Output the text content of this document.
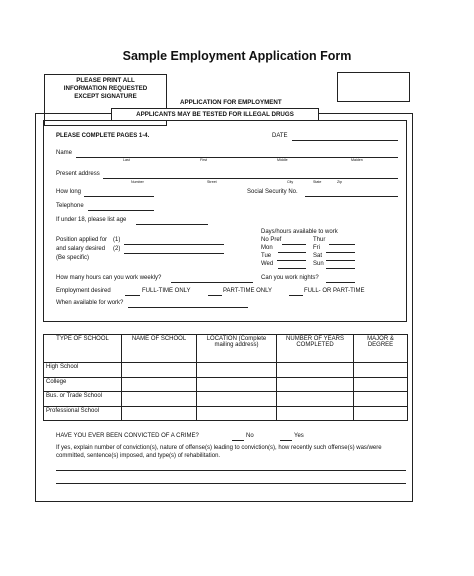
Sample Employment Application Form
PLEASE PRINT ALL
INFORMATION REQUESTED
EXCEPT SIGNATURE
APPLICATION FOR EMPLOYMENT
APPLICANTS MAY BE TESTED FOR ILLEGAL DRUGS
PLEASE COMPLETE PAGES 1-4.	DATE
Name
Last	First	Middle	Maiden
Present address
Number	Street	City	State	Zip
How long	Social Security No.
Telephone
If under 18, please list age
Days/hours available to work
Position applied for (1)
and salary desired (2)
(Be specific)
No Pref	Thur
Mon	Fri
Tue	Sat
Wed	Sun
How many hours can you work weekly?	Can you work nights?
Employment desired	FULL-TIME ONLY	PART-TIME ONLY	FULL- OR PART-TIME
When available for work?
TYPE OF SCHOOL	NAME OF SCHOOL	LOCATION (Complete mailing address)	NUMBER OF YEARS COMPLETED	MAJOR & DEGREE
High School				
College				
Bus. or Trade School				
Professional School				
HAVE YOU EVER BEEN CONVICTED OF A CRIME?	No	Yes
If yes, explain number of conviction(s), nature of offense(s) leading to conviction(s), how recently such offense(s) was/were committed, sentence(s) imposed, and type(s) of rehabilitation.
